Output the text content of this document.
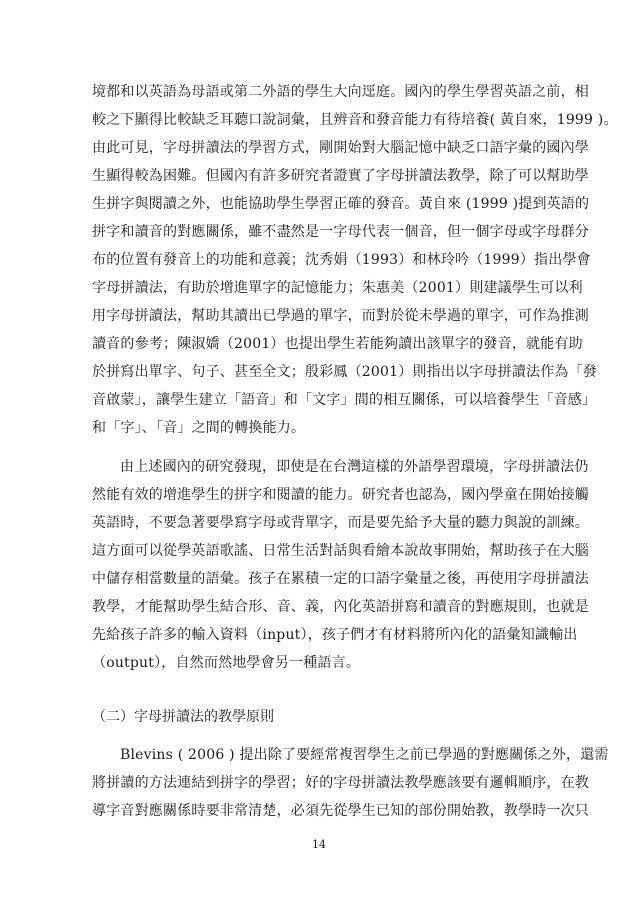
境都和以英語為母語或第二外語的學生大向逕庭。國內的學生學習英語之前，相
較之下顯得比較缺乏耳聽口說詞彙，且辨音和發音能力有待培養( 黃自來，1999 )。
由此可見，字母拼讀法的學習方式，剛開始對大腦記憶中缺乏口語字彙的國內學
生顯得較為困難。但國內有許多研究者證實了字母拼讀法教學，除了可以幫助學
生拼字與閱讀之外，也能協助學生學習正確的發音。黃自來 (1999 )提到英語的
拼字和讀音的對應關係，雖不盡然是一字母代表一個音，但一個字母或字母群分
布的位置有發音上的功能和意義；沈秀娟（1993）和林玲吟（1999）指出學會
字母拼讀法，有助於增進單字的記憶能力；朱惠美（2001）則建議學生可以利
用字母拼讀法，幫助其讀出已學過的單字，而對於從未學過的單字，可作為推測
讀音的參考；陳淑嬌（2001）也提出學生若能夠讀出該單字的發音，就能有助
於拼寫出單字、句子、甚至全文；殷彩鳳（2001）則指出以字母拼讀法作為「發
音啟蒙」，讓學生建立「語音」和「文字」間的相互關係，可以培養學生「音感」
和「字」、「音」之間的轉換能力。
由上述國內的研究發現，即使是在台灣這樣的外語學習環境，字母拼讀法仍
然能有效的增進學生的拼字和閱讀的能力。研究者也認為，國內學童在開始接觸
英語時，不要急著要學寫字母或背單字，而是要先給予大量的聽力與說的訓練。
這方面可以從學英語歌謠、日常生活對話與看繪本說故事開始，幫助孩子在大腦
中儲存相當數量的語彙。孩子在累積一定的口語字彙量之後，再使用字母拼讀法
教學，才能幫助學生結合形、音、義，內化英語拼寫和讀音的對應規則，也就是
先給孩子許多的輸入資料（input），孩子們才有材料將所內化的語彙知識輸出
（output），自然而然地學會另一種語言。
（二）字母拼讀法的教學原則
Blevins ( 2006 ) 提出除了要經常複習學生之前已學過的對應關係之外，還需
將拼讀的方法連結到拼字的學習；好的字母拼讀法教學應該要有邏輯順序，在教
導字音對應關係時要非常清楚，必須先從學生已知的部份開始教，教學時一次只
14
